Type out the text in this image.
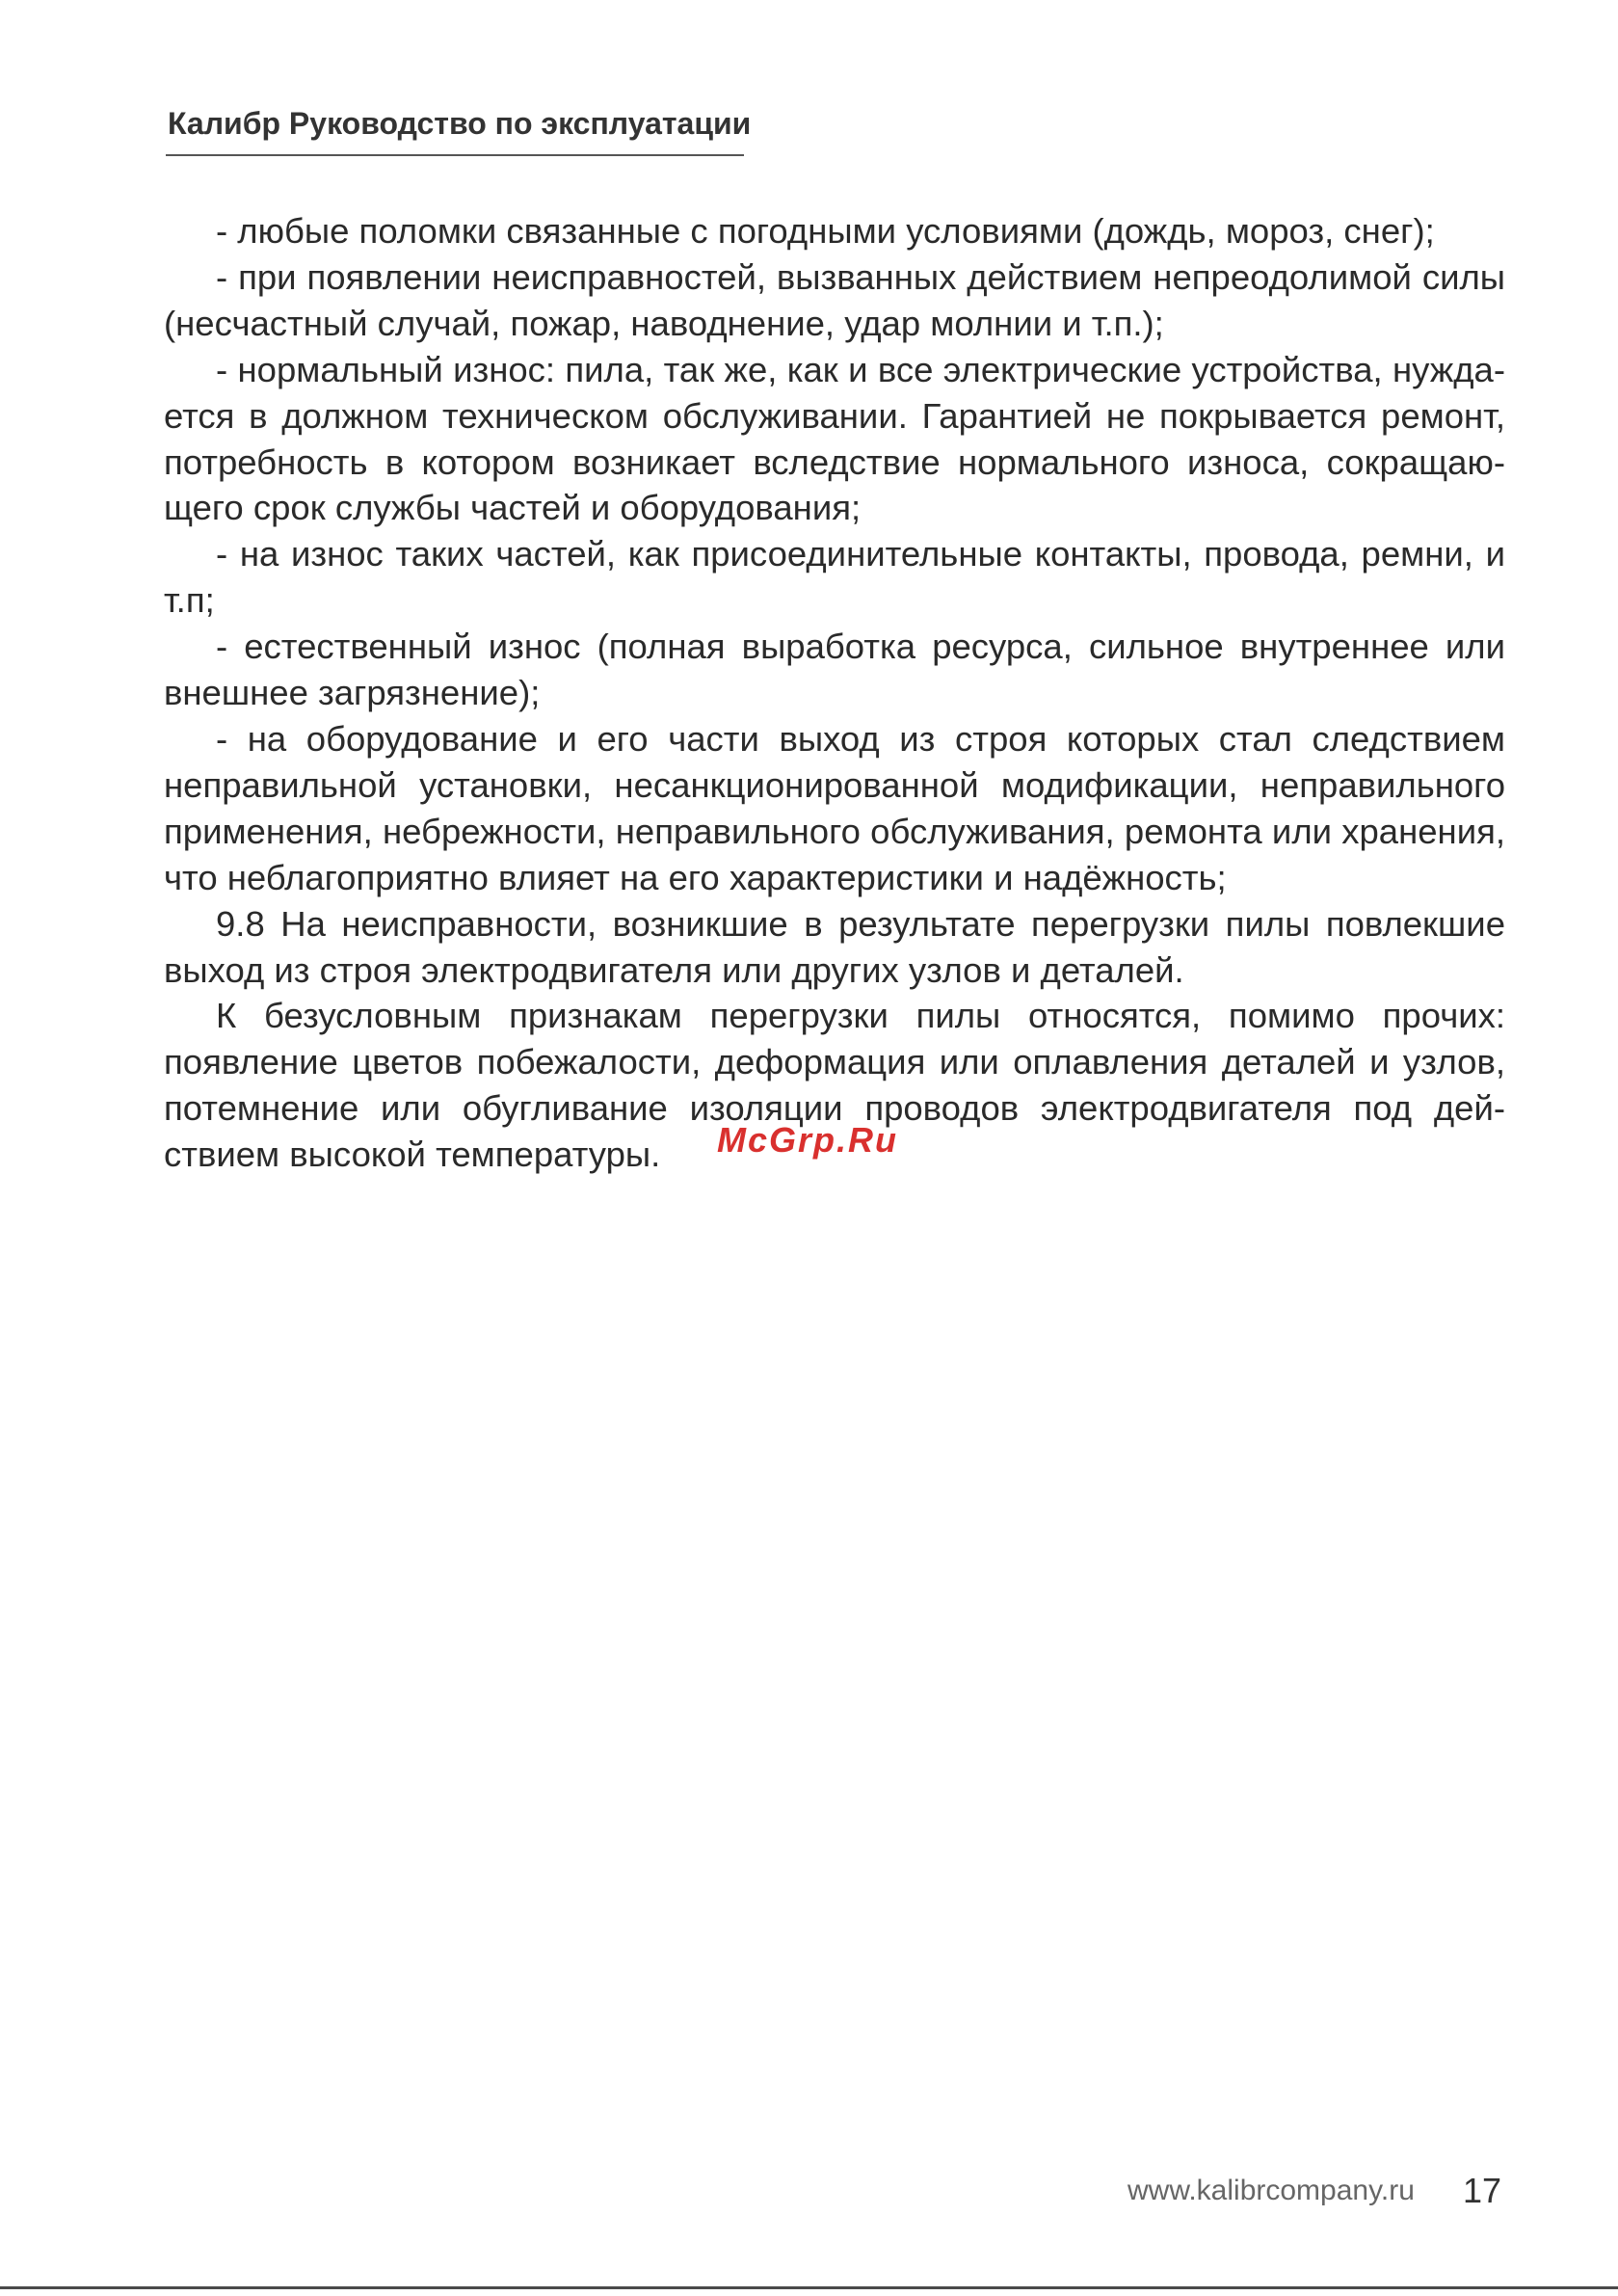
Калибр Руководство по эксплуатации

- любые поломки связанные с погодными условиями (дождь, мороз, снег);

- при появлении неисправностей, вызванных действием непреодолимой силы (несчастный случай, пожар, наводнение, удар молнии и т.п.);

- нормальный износ: пила, так же, как и все электрические устройства, нуждается в должном техническом обслуживании. Гарантией не покрывается ремонт, потребность в котором возникает вследствие нормального износа, сокращающего срок службы частей и оборудования;

- на износ таких частей, как присоединительные контакты, провода, ремни, и т.п;

- естественный износ (полная выработка ресурса, сильное внутреннее или внешнее загрязнение);

- на оборудование и его части выход из строя которых стал следствием неправильной установки, несанкционированной модификации, неправильного применения, небрежности, неправильного обслуживания, ремонта или хранения, что неблагоприятно влияет на его характеристики и надёжность;

9.8 На неисправности, возникшие в результате перегрузки пилы повлекшие выход из строя электродвигателя или других узлов и деталей.

К безусловным признакам перегрузки пилы относятся, помимо прочих: появление цветов побежалости, деформация или оплавления деталей и узлов, потемнение или обугливание изоляции проводов электродвигателя под действием высокой температуры.	McGrp.Ru
www.kalibrcompany.ru 17
